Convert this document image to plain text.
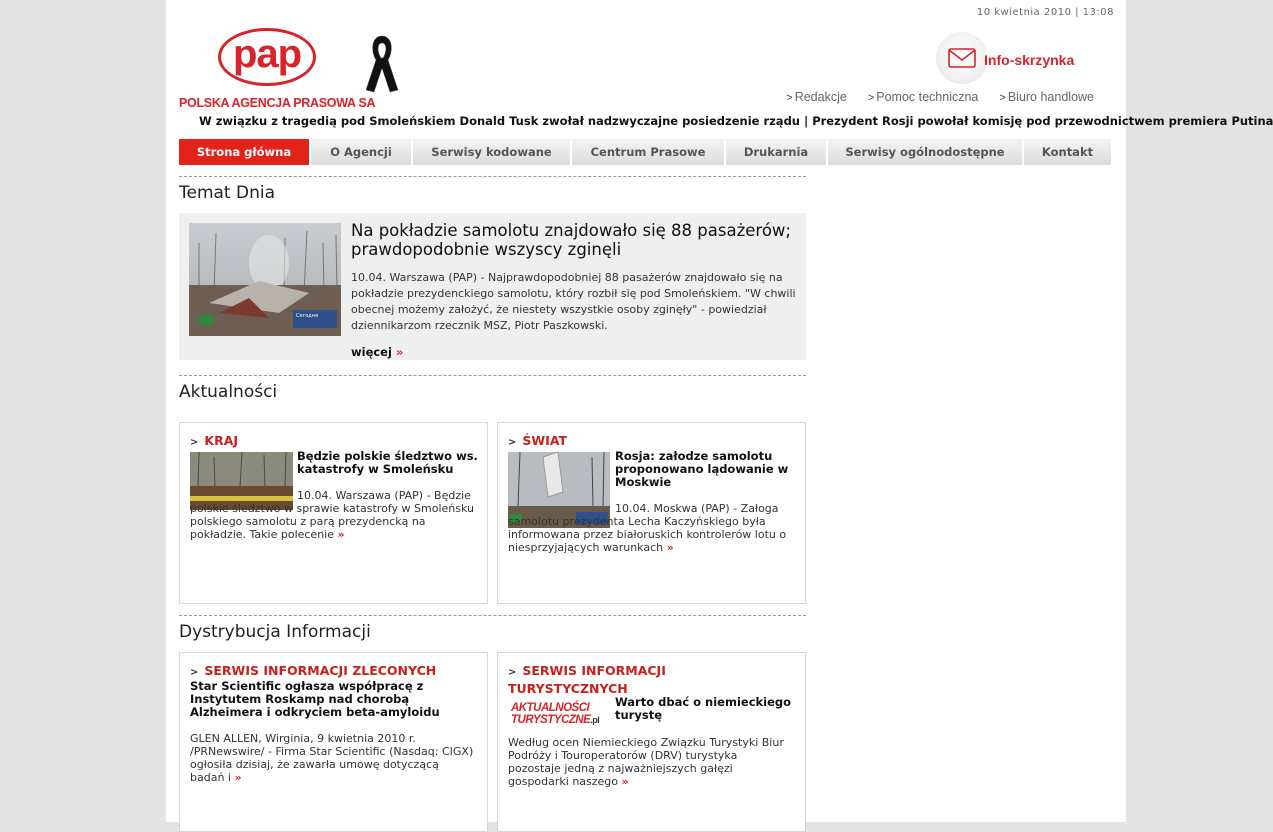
10 kwietnia 2010 | 13:08
pap
POLSKA AGENCJA PRASOWA SA
Info-skrzynka
> Redakcje > Pomoc techniczna > Biuro handlowe
W związku z tragedią pod Smoleńskiem Donald Tusk zwołał nadzwyczajne posiedzenie rządu | Prezydent Rosji powołał komisję pod przewodnictwem premiera Putina
Strona główna	O Agencji	Serwisy kodowane	Centrum Prasowe	Drukarnia	Serwisy ogólnodostępne	Kontakt
Temat Dnia
Сегодня
Na pokładzie samolotu znajdowało się 88 pasażerów; prawdopodobnie wszyscy zginęli
10.04. Warszawa (PAP) - Najprawdopodobniej 88 pasażerów znajdowało się na pokładzie prezydenckiego samolotu, który rozbił się pod Smoleńskiem. "W chwili obecnej możemy założyć, że niestety wszystkie osoby zginęły" - powiedział dziennikarzom rzecznik MSZ, Piotr Paszkowski.
więcej »
Aktualności
> KRAJ
Będzie polskie śledztwo ws. katastrofy w Smoleńsku
10.04. Warszawa (PAP) - Będzie polskie śledztwo w sprawie katastrofy w Smoleńsku polskiego samolotu z parą prezydencką na pokładzie. Takie polecenie »
> ŚWIAT
Rosja: załodze samolotu proponowano lądowanie w Moskwie
10.04. Moskwa (PAP) - Załoga samolotu prezydenta Lecha Kaczyńskiego była informowana przez białoruskich kontrolerów lotu o niesprzyjających warunkach »
Dystrybucja Informacji
> SERWIS INFORMACJI ZLECONYCH
Star Scientific ogłasza współpracę z Instytutem Roskamp nad chorobą Alzheimera i odkryciem beta-amyloidu
GLEN ALLEN, Wirginia, 9 kwietnia 2010 r. /PRNewswire/ - Firma Star Scientific (Nasdaq: CIGX) ogłosiła dzisiaj, że zawarła umowę dotyczącą badań i »
> SERWIS INFORMACJI
TURYSTYCZNYCH
AKTUALNOŚCI
TURYSTYCZNE.pl
Warto dbać o niemieckiego turystę
Według ocen Niemieckiego Związku Turystyki Biur Podróży i Touroperatorów (DRV) turystyka pozostaje jedną z najważniejszych gałęzi gospodarki naszego »
